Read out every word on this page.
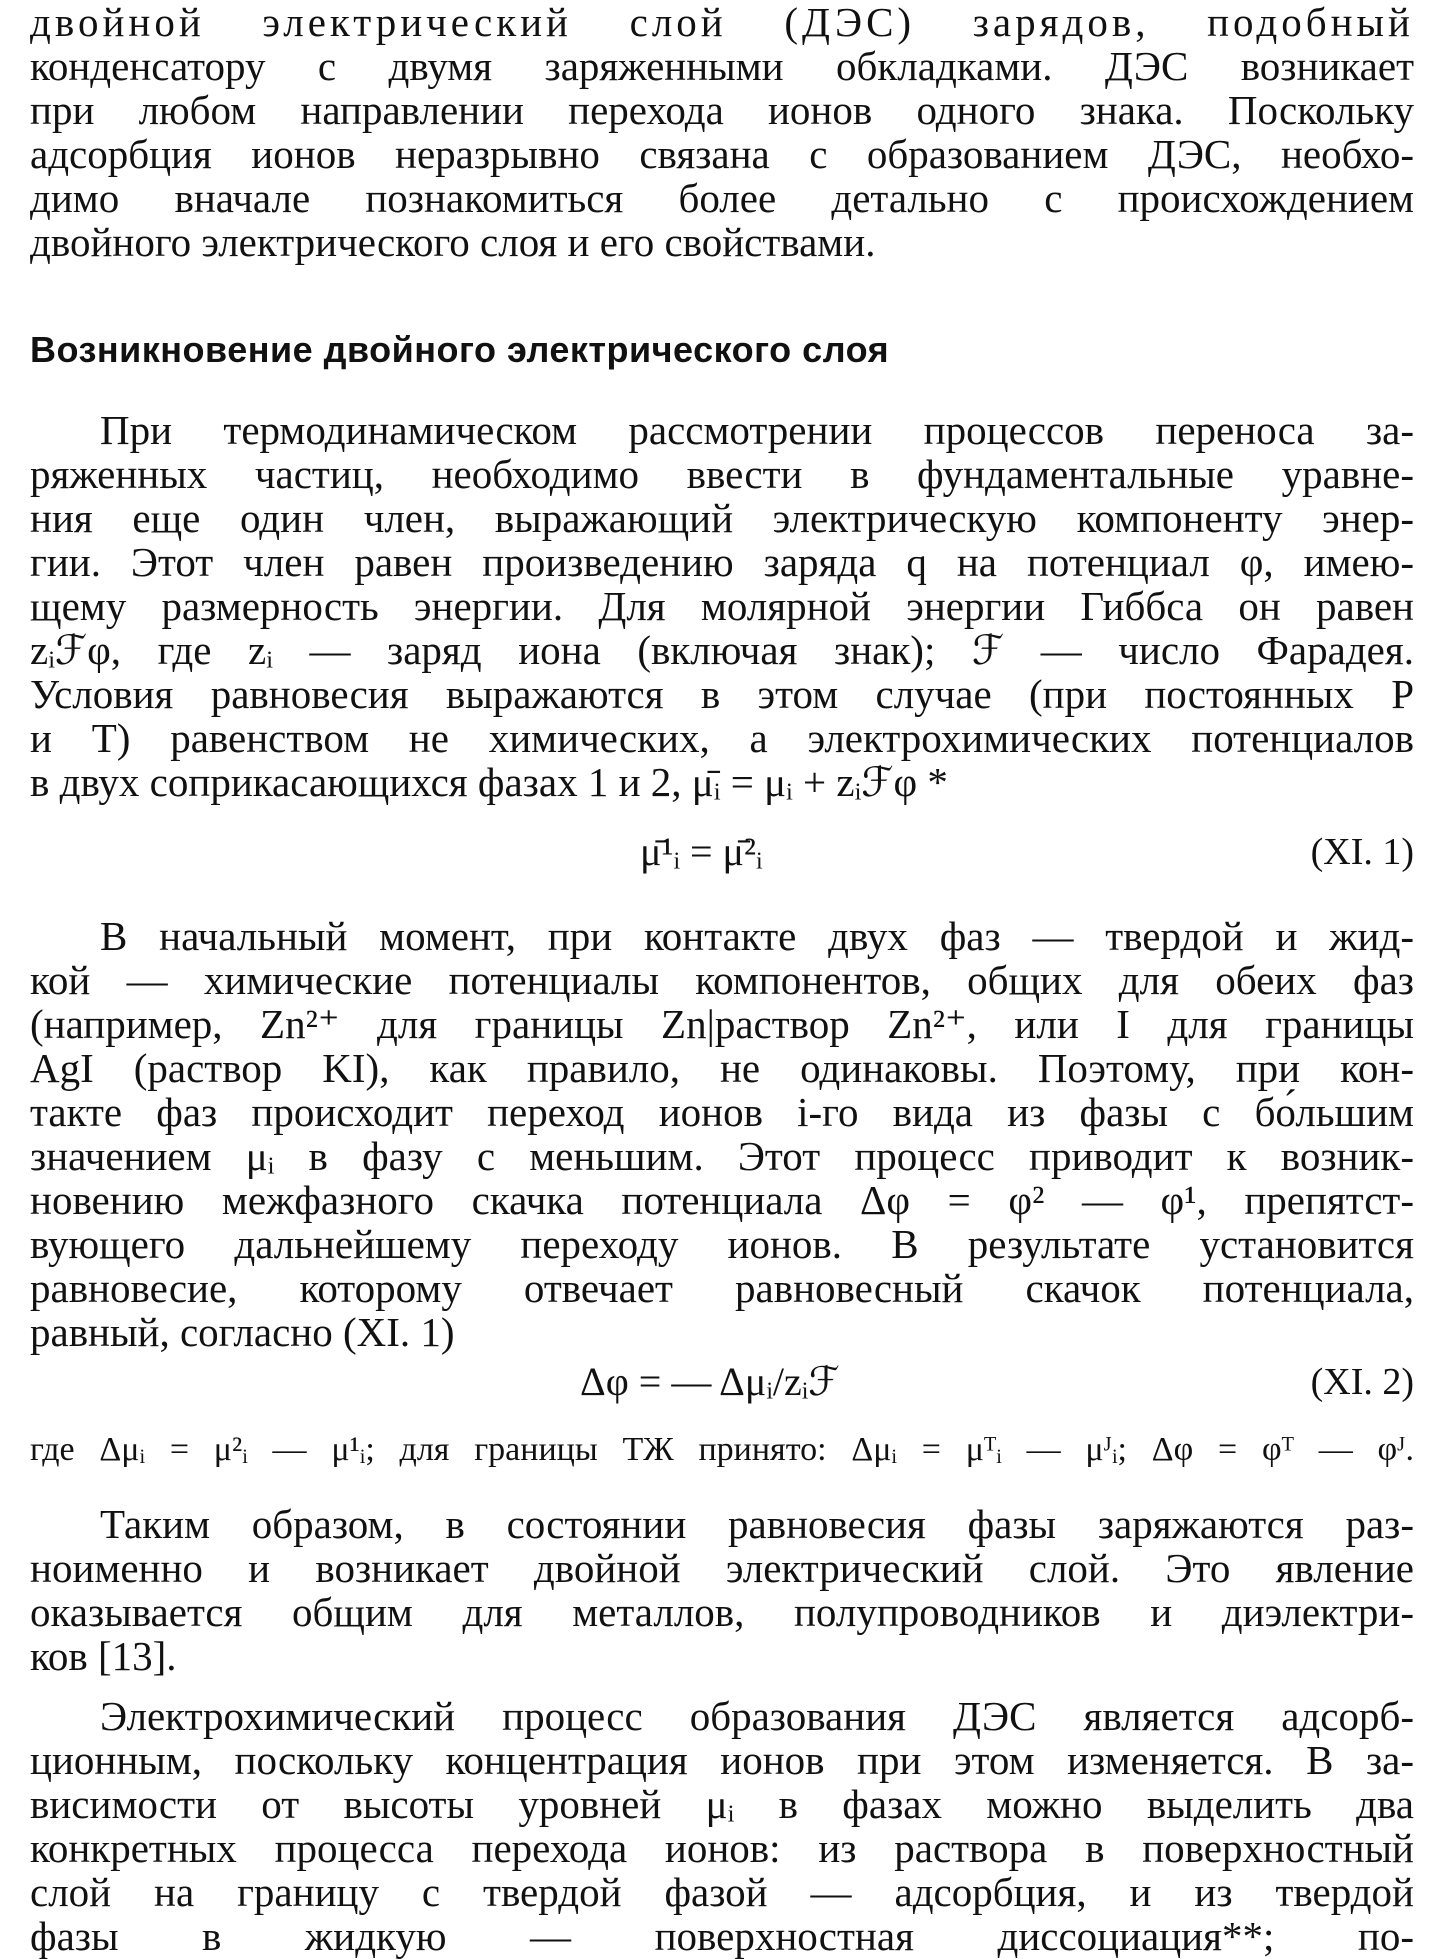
двойной электрический слой (ДЭС) зарядов, подобный
конденсатору с двумя заряженными обкладками. ДЭС возникает
при любом направлении перехода ионов одного знака. Поскольку
адсорбция ионов неразрывно связана с образованием ДЭС, необхо-
димо вначале познакомиться более детально с происхождением
двойного электрического слоя и его свойствами.
Возникновение двойного электрического слоя
При термодинамическом рассмотрении процессов переноса за-
ряженных частиц, необходимо ввести в фундаментальные уравне-
ния еще один член, выражающий электрическую компоненту энер-
гии. Этот член равен произведению заряда q на потенциал φ, имею-
щему размерность энергии. Для молярной энергии Гиббса он равен
zᵢℱφ, где zᵢ — заряд иона (включая знак); ℱ — число Фарадея.
Условия равновесия выражаются в этом случае (при постоянных P
и T) равенством не химических, а электрохимических потенциалов
в двух соприкасающихся фазах 1 и 2, μ̄ᵢ = μᵢ + zᵢℱφ *
μ̄¹ᵢ = μ̄²ᵢ	(XI. 1)
В начальный момент, при контакте двух фаз — твердой и жид-
кой — химические потенциалы компонентов, общих для обеих фаз
(например, Zn²⁺ для границы Zn|раствор Zn²⁺, или I для границы
AgI (раствор KI), как правило, не одинаковы. Поэтому, при кон-
такте фаз происходит переход ионов i-го вида из фазы с бо́льшим
значением μᵢ в фазу с меньшим. Этот процесс приводит к возник-
новению межфазного скачка потенциала Δφ = φ² — φ¹, препятст-
вующего дальнейшему переходу ионов. В результате установится
равновесие, которому отвечает равновесный скачок потенциала,
равный, согласно (XI. 1)
Δφ = — Δμᵢ/zᵢℱ	(XI. 2)
где Δμᵢ = μ²ᵢ — μ¹ᵢ; для границы ТЖ принято: Δμᵢ = μᵀᵢ — μᴶᵢ; Δφ = φᵀ — φᴶ.
Таким образом, в состоянии равновесия фазы заряжаются раз-
ноименно и возникает двойной электрический слой. Это явление
оказывается общим для металлов, полупроводников и диэлектри-
ков [13].
Электрохимический процесс образования ДЭС является адсорб-
ционным, поскольку концентрация ионов при этом изменяется. В за-
висимости от высоты уровней μᵢ в фазах можно выделить два
конкретных процесса перехода ионов: из раствора в поверхностный
слой на границу с твердой фазой — адсорбция, и из твердой
фазы в жидкую — поверхностная диссоциация**; по-
